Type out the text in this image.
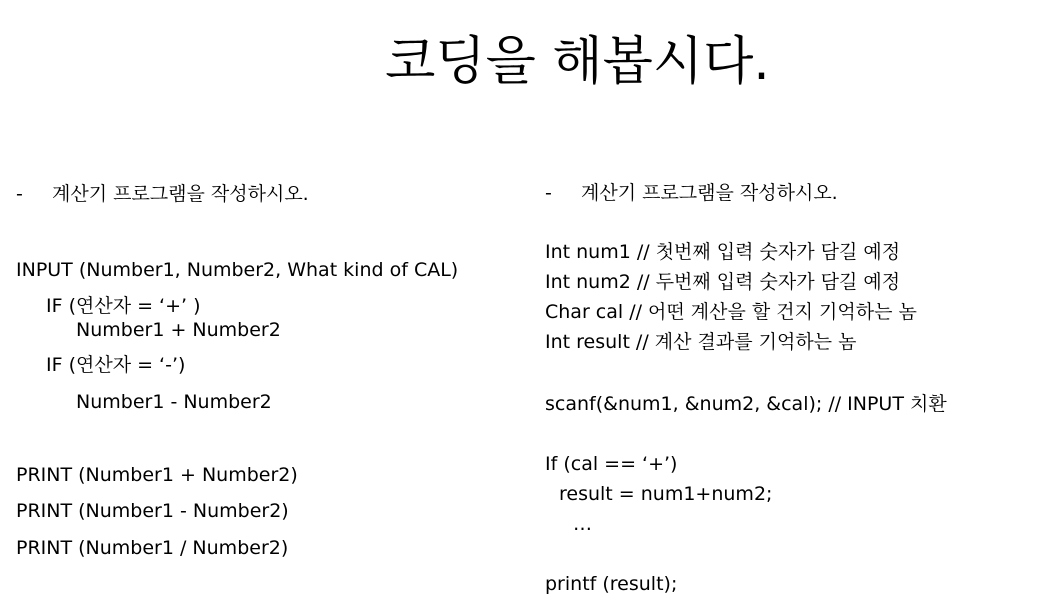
코딩을 해봅시다.
- 계산기 프로그램을 작성하시오.
INPUT (Number1, Number2, What kind of CAL)
IF (연산자 = ‘+’ )
Number1 + Number2
IF (연산자 = ‘-’)
Number1 - Number2
PRINT (Number1 + Number2)
PRINT (Number1 - Number2)
PRINT (Number1 / Number2)
- 계산기 프로그램을 작성하시오.
Int num1 // 첫번째 입력 숫자가 담길 예정
Int num2 // 두번째 입력 숫자가 담길 예정
Char cal // 어떤 계산을 할 건지 기억하는 놈
Int result // 계산 결과를 기억하는 놈
scanf(&num1, &num2, &cal); // INPUT 치환
If (cal == ‘+’)
result = num1+num2;
…
printf (result);
